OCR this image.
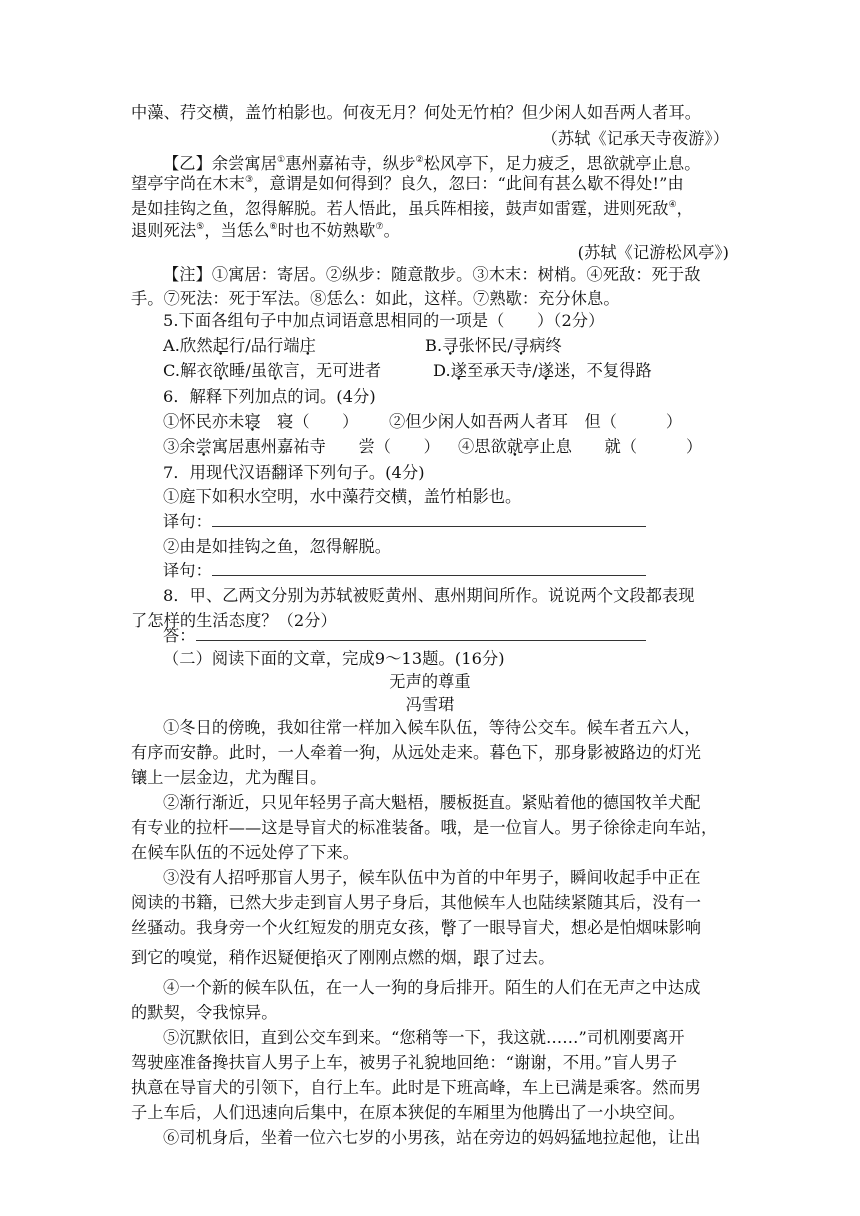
中藻、荇交横，盖竹柏影也。何夜无月？何处无竹柏？但少闲人如吾两人者耳。
（苏轼《记承天寺夜游》）
【乙】余尝寓居①惠州嘉祐寺，纵步②松风亭下，足力疲乏，思欲就亭止息。
望亭宇尚在木末③，意谓是如何得到？良久，忽曰：“此间有甚么歇不得处!”由
是如挂钩之鱼，忽得解脱。若人悟此，虽兵阵相接，鼓声如雷霆，进则死敌④，
退则死法⑤，当恁么⑥时也不妨熟歇⑦。
(苏轼《记游松风亭》)
【注】①寓居：寄居。②纵步：随意散步。③木末：树梢。④死敌：死于敌
手。⑦死法：死于军法。⑧恁么：如此，这样。⑦熟歇：充分休息。
5.下面各组句子中加点词语意思相同的一项是（　　）（2分）
A.欣然起行/品行端庄	B.寻张怀民/寻病终
C.解衣欲睡/虽欲言，无可进者	D.遂至承天寺/遂迷，不复得路
6．解释下列加点的词。(4分)
①怀民亦未寝　 寝（　　）	②但少闲人如吾两人者耳　但（　　　）
③余尝寓居惠州嘉祐寺　　尝（　　）	④思欲就亭止息　　就（　　　）
7．用现代汉语翻译下列句子。(4分)
①庭下如积水空明，水中藻荇交横，盖竹柏影也。
译句：
②由是如挂钩之鱼，忽得解脱。
译句：
8．甲、乙两文分别为苏轼被贬黄州、惠州期间所作。说说两个文段都表现
了怎样的生活态度？（2分）
答：
（二）阅读下面的文章，完成9～13题。(16分)
无声的尊重
冯雪珺
①冬日的傍晚，我如往常一样加入候车队伍，等待公交车。候车者五六人，
有序而安静。此时，一人牵着一狗，从远处走来。暮色下，那身影被路边的灯光
镶上一层金边，尤为醒目。
②渐行渐近，只见年轻男子高大魁梧，腰板挺直。紧贴着他的德国牧羊犬配
有专业的拉杆——这是导盲犬的标准装备。哦，是一位盲人。男子徐徐走向车站，
在候车队伍的不远处停了下来。
③没有人招呼那盲人男子，候车队伍中为首的中年男子，瞬间收起手中正在
阅读的书籍，已然大步走到盲人男子身后，其他候车人也陆续紧随其后，没有一
丝骚动。我身旁一个火红短发的朋克女孩，瞥了一眼导盲犬，想必是怕烟味影响
到它的嗅觉，稍作迟疑便掐灭了刚刚点燃的烟，跟了过去。
④一个新的候车队伍，在一人一狗的身后排开。陌生的人们在无声之中达成
的默契，令我惊异。
⑤沉默依旧，直到公交车到来。“您稍等一下，我这就……”司机刚要离开
驾驶座准备搀扶盲人男子上车，被男子礼貌地回绝：“谢谢，不用。”盲人男子
执意在导盲犬的引领下，自行上车。此时是下班高峰，车上已满是乘客。然而男
子上车后，人们迅速向后集中，在原本狭促的车厢里为他腾出了一小块空间。
⑥司机身后，坐着一位六七岁的小男孩，站在旁边的妈妈猛地拉起他，让出
